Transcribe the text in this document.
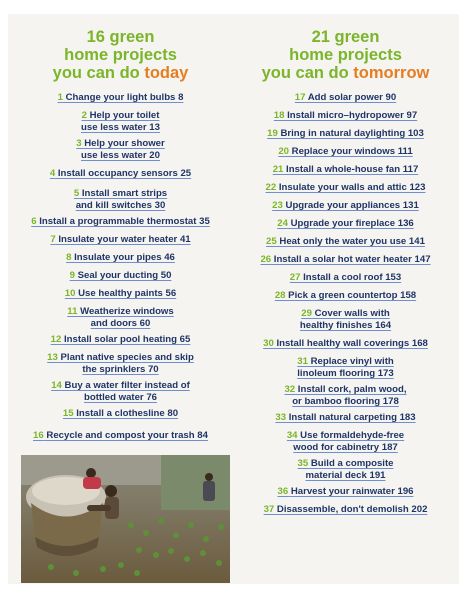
16 green
home projects
you can do today
1 Change your light bulbs 8
2 Help your toilet
use less water 13
3 Help your shower
use less water 20
4 Install occupancy sensors 25
5 Install smart strips
and kill switches 30
6 Install a programmable thermostat 35
7 Insulate your water heater 41
8 Insulate your pipes 46
9 Seal your ducting 50
10 Use healthy paints 56
11 Weatherize windows
and doors 60
12 Install solar pool heating 65
13 Plant native species and skip
the sprinklers 70
14 Buy a water filter instead of
bottled water 76
15 Install a clothesline 80
16 Recycle and compost your trash 84
21 green
home projects
you can do tomorrow
17 Add solar power 90
18 Install micro–hydropower 97
19 Bring in natural daylighting 103
20 Replace your windows 111
21 Install a whole-house fan 117
22 Insulate your walls and attic 123
23 Upgrade your appliances 131
24 Upgrade your fireplace 136
25 Heat only the water you use 141
26 Install a solar hot water heater 147
27 Install a cool roof 153
28 Pick a green countertop 158
29 Cover walls with
healthy finishes 164
30 Install healthy wall coverings 168
31 Replace vinyl with
linoleum flooring 173
32 Install cork, palm wood,
or bamboo flooring 178
33 Install natural carpeting 183
34 Use formaldehyde-free
wood for cabinetry 187
35 Build a composite
material deck 191
36 Harvest your rainwater 196
37 Disassemble, don't demolish 202
